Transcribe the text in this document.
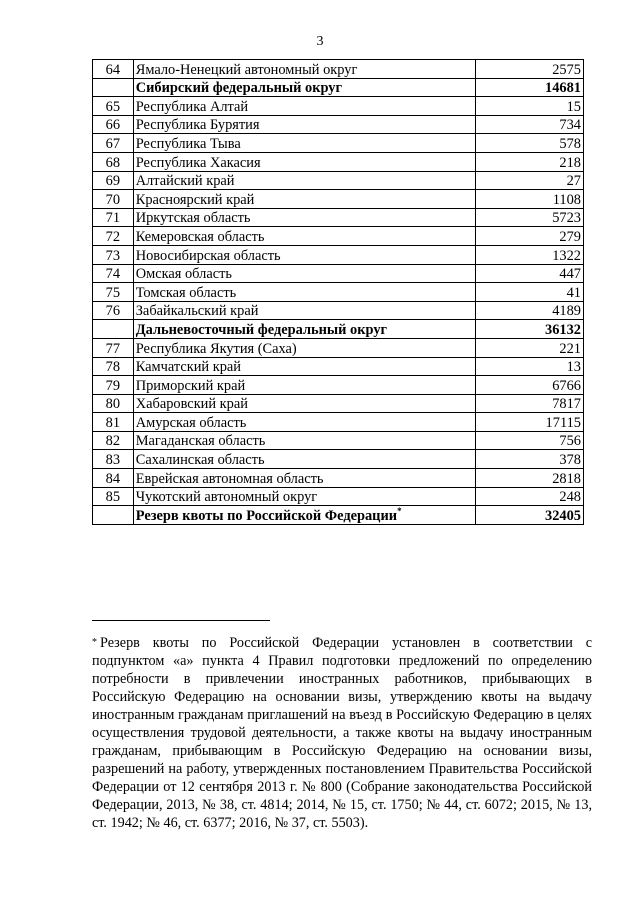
3
64	Ямало-Ненецкий автономный округ	2575
	Сибирский федеральный округ	14681
65	Республика Алтай	15
66	Республика Бурятия	734
67	Республика Тыва	578
68	Республика Хакасия	218
69	Алтайский край	27
70	Красноярский край	1108
71	Иркутская область	5723
72	Кемеровская область	279
73	Новосибирская область	1322
74	Омская область	447
75	Томская область	41
76	Забайкальский край	4189
	Дальневосточный федеральный округ	36132
77	Республика Якутия (Саха)	221
78	Камчатский край	13
79	Приморский край	6766
80	Хабаровский край	7817
81	Амурская область	17115
82	Магаданская область	756
83	Сахалинская область	378
84	Еврейская автономная область	2818
85	Чукотский автономный округ	248
	Резерв квоты по Российской Федерации*	32405
* Резерв квоты по Российской Федерации установлен в соответствии с подпунктом «а» пункта 4 Правил подготовки предложений по определению потребности в привлечении иностранных работников, прибывающих в Российскую Федерацию на основании визы, утверждению квоты на выдачу иностранным гражданам приглашений на въезд в Российскую Федерацию в целях осуществления трудовой деятельности, а также квоты на выдачу иностранным гражданам, прибывающим в Российскую Федерацию на основании визы, разрешений на работу, утвержденных постановлением Правительства Российской Федерации от 12 сентября 2013 г. № 800 (Собрание законодательства Российской Федерации, 2013, № 38, ст. 4814; 2014, № 15, ст. 1750; № 44, ст. 6072; 2015, № 13, ст. 1942; № 46, ст. 6377; 2016, № 37, ст. 5503).
